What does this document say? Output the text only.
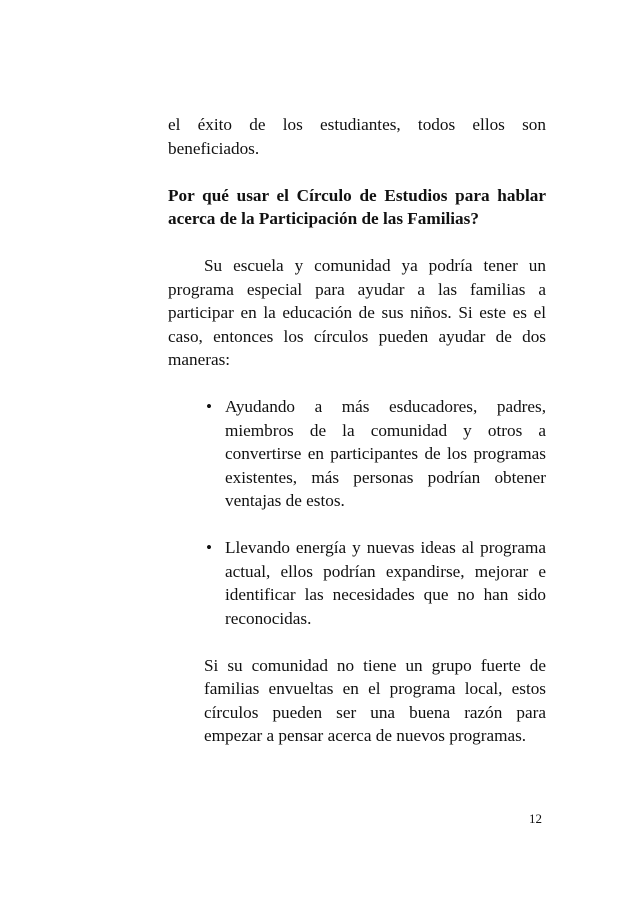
el éxito de los estudiantes, todos ellos son beneficiados.

Por qué usar el Círculo de Estudios para hablar acerca de la Participación de las Familias?

Su escuela y comunidad ya podría tener un programa especial para ayudar a las familias a participar en la educación de sus niños. Si este es el caso, entonces los círculos pueden ayudar de dos maneras:

• Ayudando a más esducadores, padres, miembros de la comunidad y otros a convertirse en participantes de los programas existentes, más personas podrían obtener ventajas de estos.

• Llevando energía y nuevas ideas al programa actual, ellos podrían expandirse, mejorar e identificar las necesidades que no han sido reconocidas.

Si su comunidad no tiene un grupo fuerte de familias envueltas en el programa local, estos círculos pueden ser una buena razón para empezar a pensar acerca de nuevos programas.

12
